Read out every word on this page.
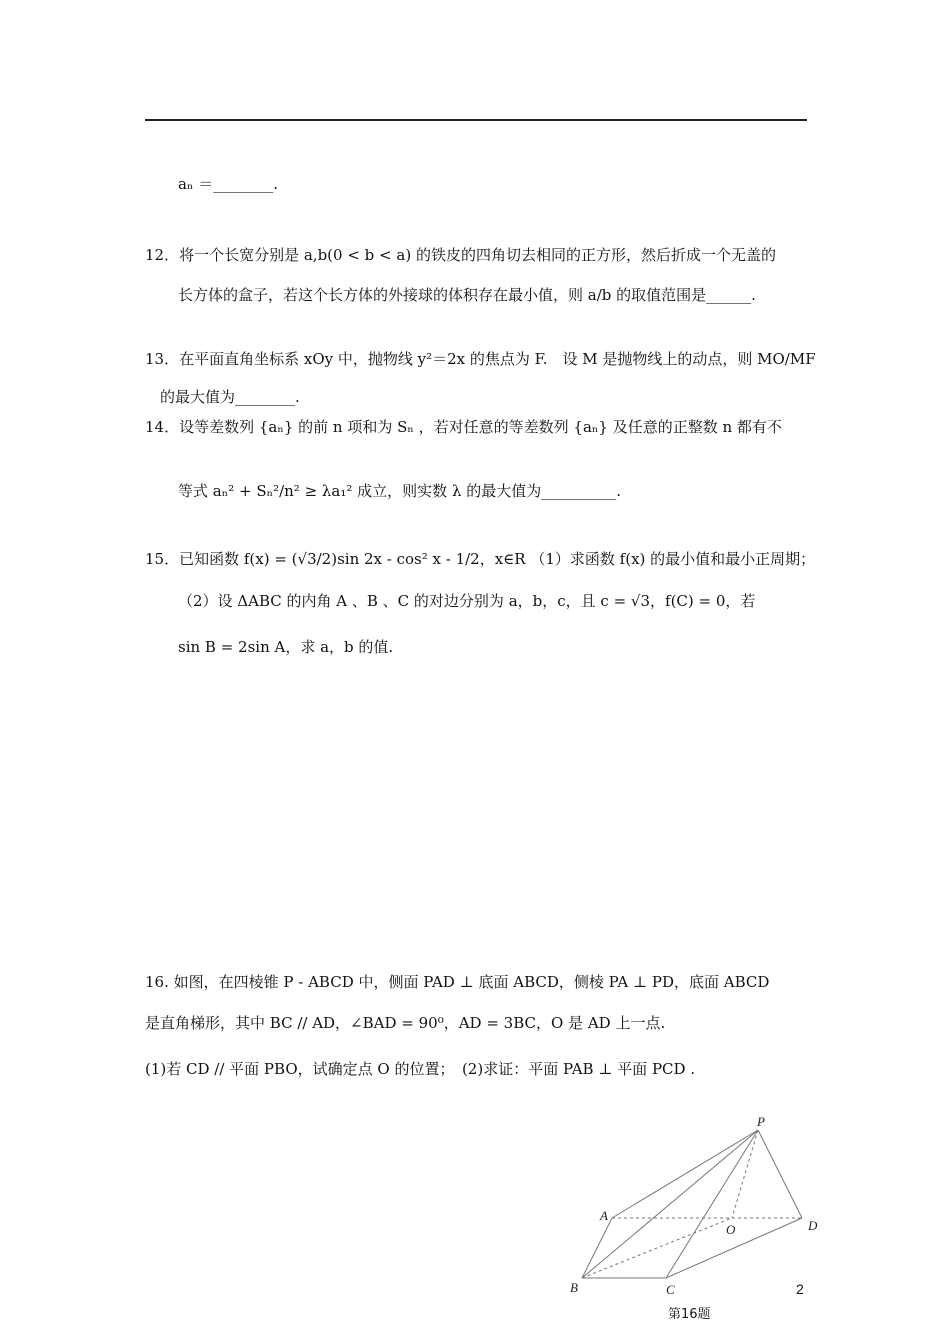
aₙ ＝________.
12．将一个长宽分别是 a,b(0 < b < a) 的铁皮的四角切去相同的正方形，然后折成一个无盖的
长方体的盒子，若这个长方体的外接球的体积存在最小值，则 a/b 的取值范围是______.
13．在平面直角坐标系 xOy 中，抛物线 y²＝2x 的焦点为 F.　设 M 是抛物线上的动点，则 MO/MF
的最大值为________.
14．设等差数列 {aₙ} 的前 n 项和为 Sₙ ，若对任意的等差数列 {aₙ} 及任意的正整数 n 都有不
等式 aₙ² + Sₙ²/n² ≥ λa₁² 成立，则实数 λ 的最大值为__________.
15．已知函数 f(x) = (√3/2)sin 2x - cos² x - 1/2，x∈R （1）求函数 f(x) 的最小值和最小正周期；
（2）设 ΔABC 的内角 A 、B 、C 的对边分别为 a，b，c，且 c = √3，f(C) = 0，若
sin B = 2sin A，求 a，b 的值.
16. 如图，在四棱锥 P - ABCD 中，侧面 PAD ⊥ 底面 ABCD，侧棱 PA ⊥ PD，底面 ABCD
是直角梯形，其中 BC // AD，∠BAD = 90⁰，AD = 3BC，O 是 AD 上一点.
(1)若 CD // 平面 PBO，试确定点 O 的位置；　(2)求证：平面 PAB ⊥ 平面 PCD .
P
A
O	D
B	C	2
第16题
